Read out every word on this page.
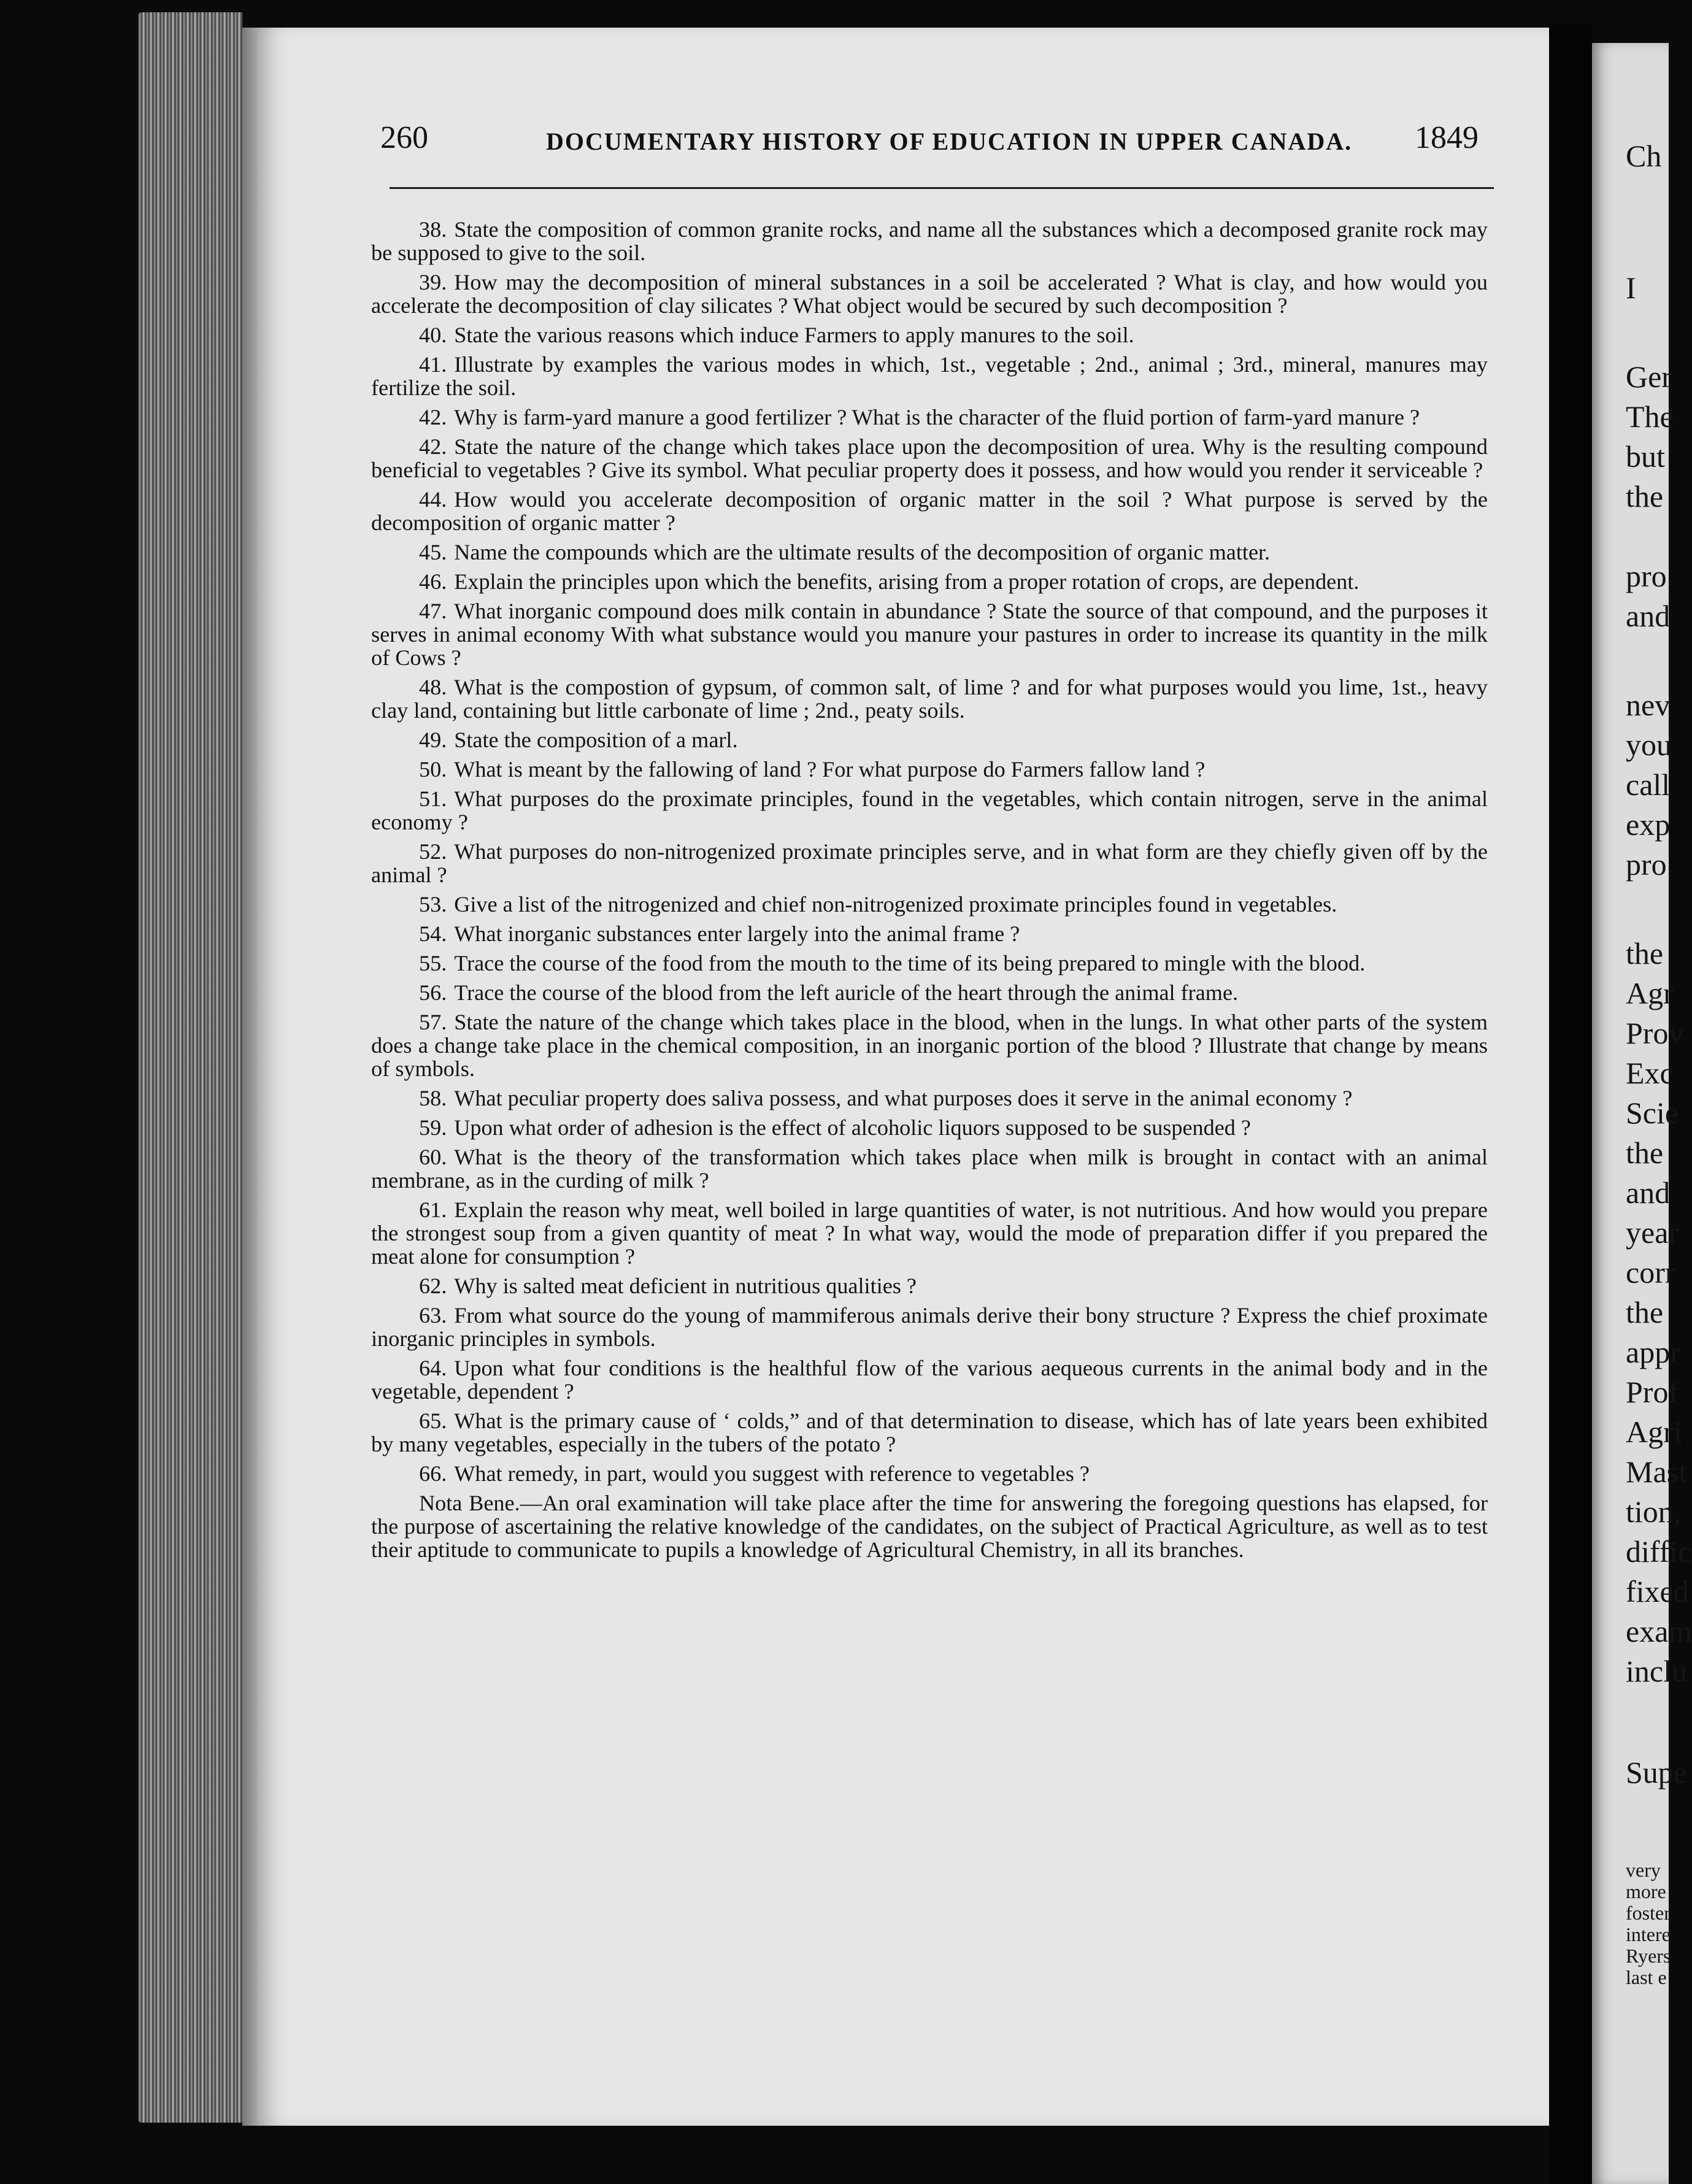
260	DOCUMENTARY HISTORY OF EDUCATION IN UPPER CANADA. 1849

38. State the composition of common granite rocks, and name all the substances which a decomposed granite rock may be supposed to give to the soil.

39. How may the decomposition of mineral substances in a soil be accelerated ? What is clay, and how would you accelerate the decomposition of clay silicates ? What object would be secured by such decomposition ?

40. State the various reasons which induce Farmers to apply manures to the soil.

41. Illustrate by examples the various modes in which, 1st., vegetable ; 2nd., animal ; 3rd., mineral, manures may fertilize the soil.

42. Why is farm-yard manure a good fertilizer ? What is the character of the fluid portion of farm-yard manure ?

42. State the nature of the change which takes place upon the decomposition of urea. Why is the resulting compound beneficial to vegetables ? Give its symbol. What peculiar property does it possess, and how would you render it serviceable ?

44. How would you accelerate decomposition of organic matter in the soil ? What purpose is served by the decomposition of organic matter ?

45. Name the compounds which are the ultimate results of the decomposition of organic matter.

46. Explain the principles upon which the benefits, arising from a proper rotation of crops, are dependent.

47. What inorganic compound does milk contain in abundance ? State the source of that compound, and the purposes it serves in animal economy With what substance would you manure your pastures in order to increase its quantity in the milk of Cows ?

48. What is the compostion of gypsum, of common salt, of lime ? and for what purposes would you lime, 1st., heavy clay land, containing but little carbonate of lime ; 2nd., peaty soils.

49. State the composition of a marl.

50. What is meant by the fallowing of land ? For what purpose do Farmers fallow land ?

51. What purposes do the proximate principles, found in the vegetables, which contain nitrogen, serve in the animal economy ?

52. What purposes do non-nitrogenized proximate principles serve, and in what form are they chiefly given off by the animal ?

53. Give a list of the nitrogenized and chief non-nitrogenized proximate principles found in vegetables.

54. What inorganic substances enter largely into the animal frame ?

55. Trace the course of the food from the mouth to the time of its being prepared to mingle with the blood.

56. Trace the course of the blood from the left auricle of the heart through the animal frame.

57. State the nature of the change which takes place in the blood, when in the lungs. In what other parts of the system does a change take place in the chemical composition, in an inorganic portion of the blood ? Illustrate that change by means of symbols.

58. What peculiar property does saliva possess, and what purposes does it serve in the animal economy ?

59. Upon what order of adhesion is the effect of alcoholic liquors supposed to be suspended ?

60. What is the theory of the transformation which takes place when milk is brought in contact with an animal membrane, as in the curding of milk ?

61. Explain the reason why meat, well boiled in large quantities of water, is not nutritious. And how would you prepare the strongest soup from a given quantity of meat ? In what way, would the mode of preparation differ if you prepared the meat alone for consumption ?

62. Why is salted meat deficient in nutritious qualities ?

63. From what source do the young of mammiferous animals derive their bony structure ? Express the chief proximate inorganic principles in symbols.

64. Upon what four conditions is the healthful flow of the various aequeous currents in the animal body and in the vegetable, dependent ?

65. What is the primary cause of ‘ colds,” and of that determination to disease, which has of late years been exhibited by many vegetables, especially in the tubers of the potato ?

66. What remedy, in part, would you suggest with reference to vegetables ?

Nota Bene.—An oral examination will take place after the time for answering the foregoing questions has elapsed, for the purpose of ascertaining the relative knowledge of the candidates, on the subject of Practical Agriculture, as well as to test their aptitude to communicate to pupils a knowledge of Agricultural Chemistry, in all its branches.

Ch
I
Ger
The
but
the
pro
and
nev
you
call
exp
pro
the
Agr
Prov
Exc
Scie
the
and
year
corr
the
appr
Prof
Agri
Mast
tion,
diffic
fixed
exam
inclu
Supe
very
more
foster
intere
Ryers
last e
